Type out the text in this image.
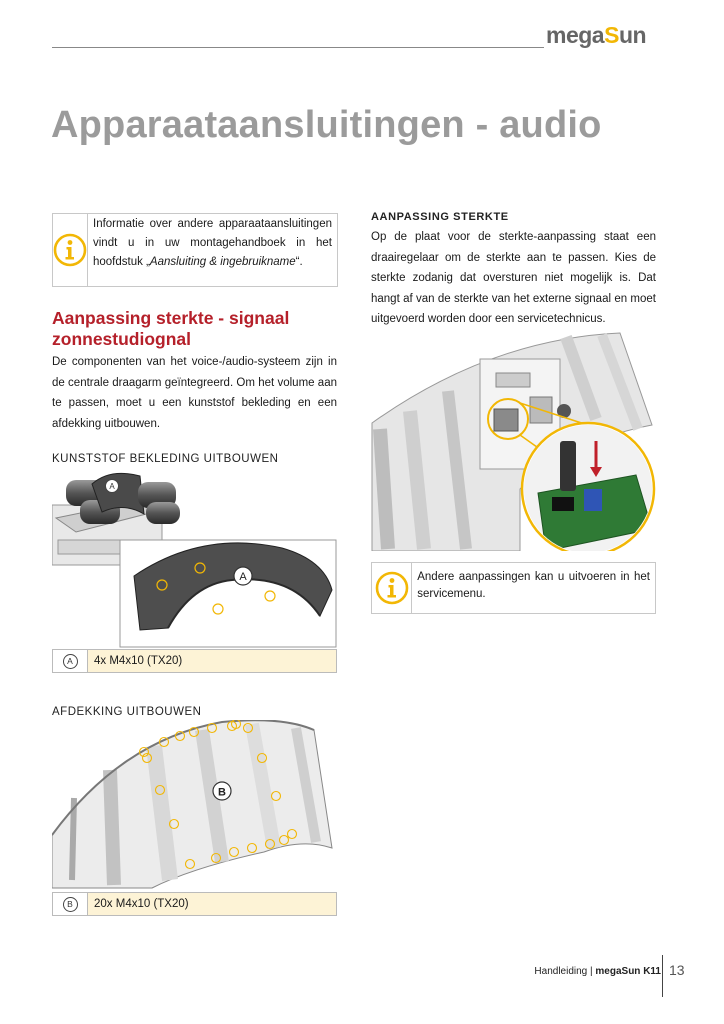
megaSun
Apparaataansluitingen - audio
Informatie over andere apparaataansluitingen vindt u in uw montagehandboek in het hoofdstuk „Aansluiting & ingebruikname“.
Aanpassing sterkte - signaal zonnestudiognal
De componenten van het voice-/audio-systeem zijn in de centrale draagarm geïntegreerd. Om het volume aan te passen, moet u een kunststof bekleding en een afdekking uitbouwen.
KUNSTSTOF BEKLEDING UITBOUWEN
A
A
A	4x M4x10 (TX20)
AFDEKKING UITBOUWEN
B
B	20x M4x10 (TX20)
AANPASSING STERKTE
Op de plaat voor de sterkte-aanpassing staat een draairegelaar om de sterkte aan te passen. Kies de sterkte zodanig dat oversturen niet mogelijk is. Dat hangt af van de sterkte van het externe signaal en moet uitgevoerd worden door een servicetechnicus.
Andere aanpassingen kan u uitvoeren in het servicemenu.
Handleiding | megaSun K11 13
